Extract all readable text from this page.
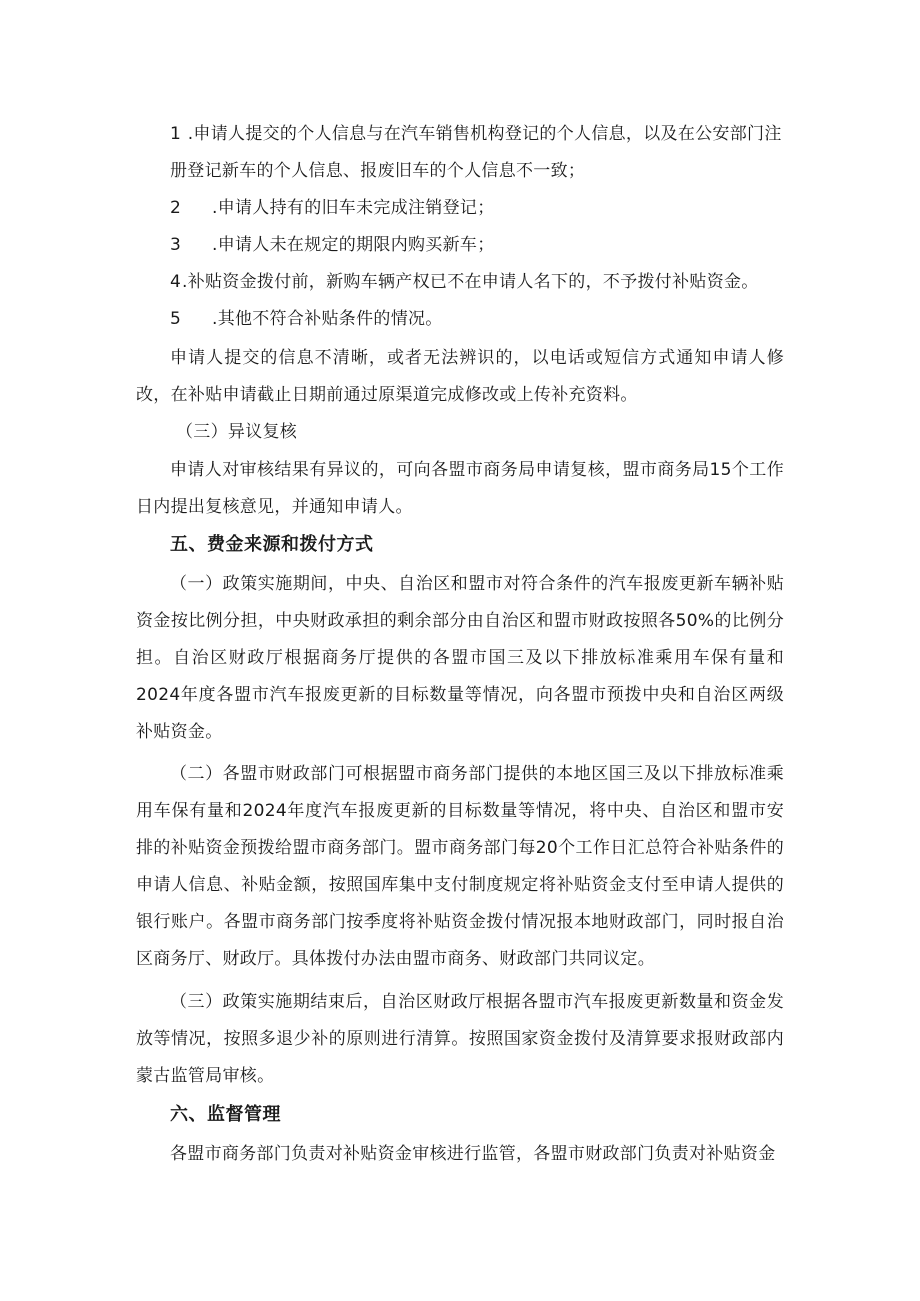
1 .申请人提交的个人信息与在汽车销售机构登记的个人信息，以及在公安部门注册登记新车的个人信息、报废旧车的个人信息不一致；

2 .申请人持有的旧车未完成注销登记；

3 .申请人未在规定的期限内购买新车；

4.补贴资金拨付前，新购车辆产权已不在申请人名下的，不予拨付补贴资金。

5 .其他不符合补贴条件的情况。

申请人提交的信息不清晰，或者无法辨识的，以电话或短信方式通知申请人修改，在补贴申请截止日期前通过原渠道完成修改或上传补充资料。

（三）异议复核

申请人对审核结果有异议的，可向各盟市商务局申请复核，盟市商务局15个工作日内提出复核意见，并通知申请人。

五、费金来源和拨付方式

（一）政策实施期间，中央、自治区和盟市对符合条件的汽车报废更新车辆补贴资金按比例分担，中央财政承担的剩余部分由自治区和盟市财政按照各50%的比例分担。自治区财政厅根据商务厅提供的各盟市国三及以下排放标准乘用车保有量和2024年度各盟市汽车报废更新的目标数量等情况，向各盟市预拨中央和自治区两级补贴资金。

（二）各盟市财政部门可根据盟市商务部门提供的本地区国三及以下排放标准乘用车保有量和2024年度汽车报废更新的目标数量等情况，将中央、自治区和盟市安排的补贴资金预拨给盟市商务部门。盟市商务部门每20个工作日汇总符合补贴条件的申请人信息、补贴金额，按照国库集中支付制度规定将补贴资金支付至申请人提供的银行账户。各盟市商务部门按季度将补贴资金拨付情况报本地财政部门，同时报自治区商务厅、财政厅。具体拨付办法由盟市商务、财政部门共同议定。

（三）政策实施期结束后，自治区财政厅根据各盟市汽车报废更新数量和资金发放等情况，按照多退少补的原则进行清算。按照国家资金拨付及清算要求报财政部内蒙古监管局审核。

六、监督管理

各盟市商务部门负责对补贴资金审核进行监管，各盟市财政部门负责对补贴资金
